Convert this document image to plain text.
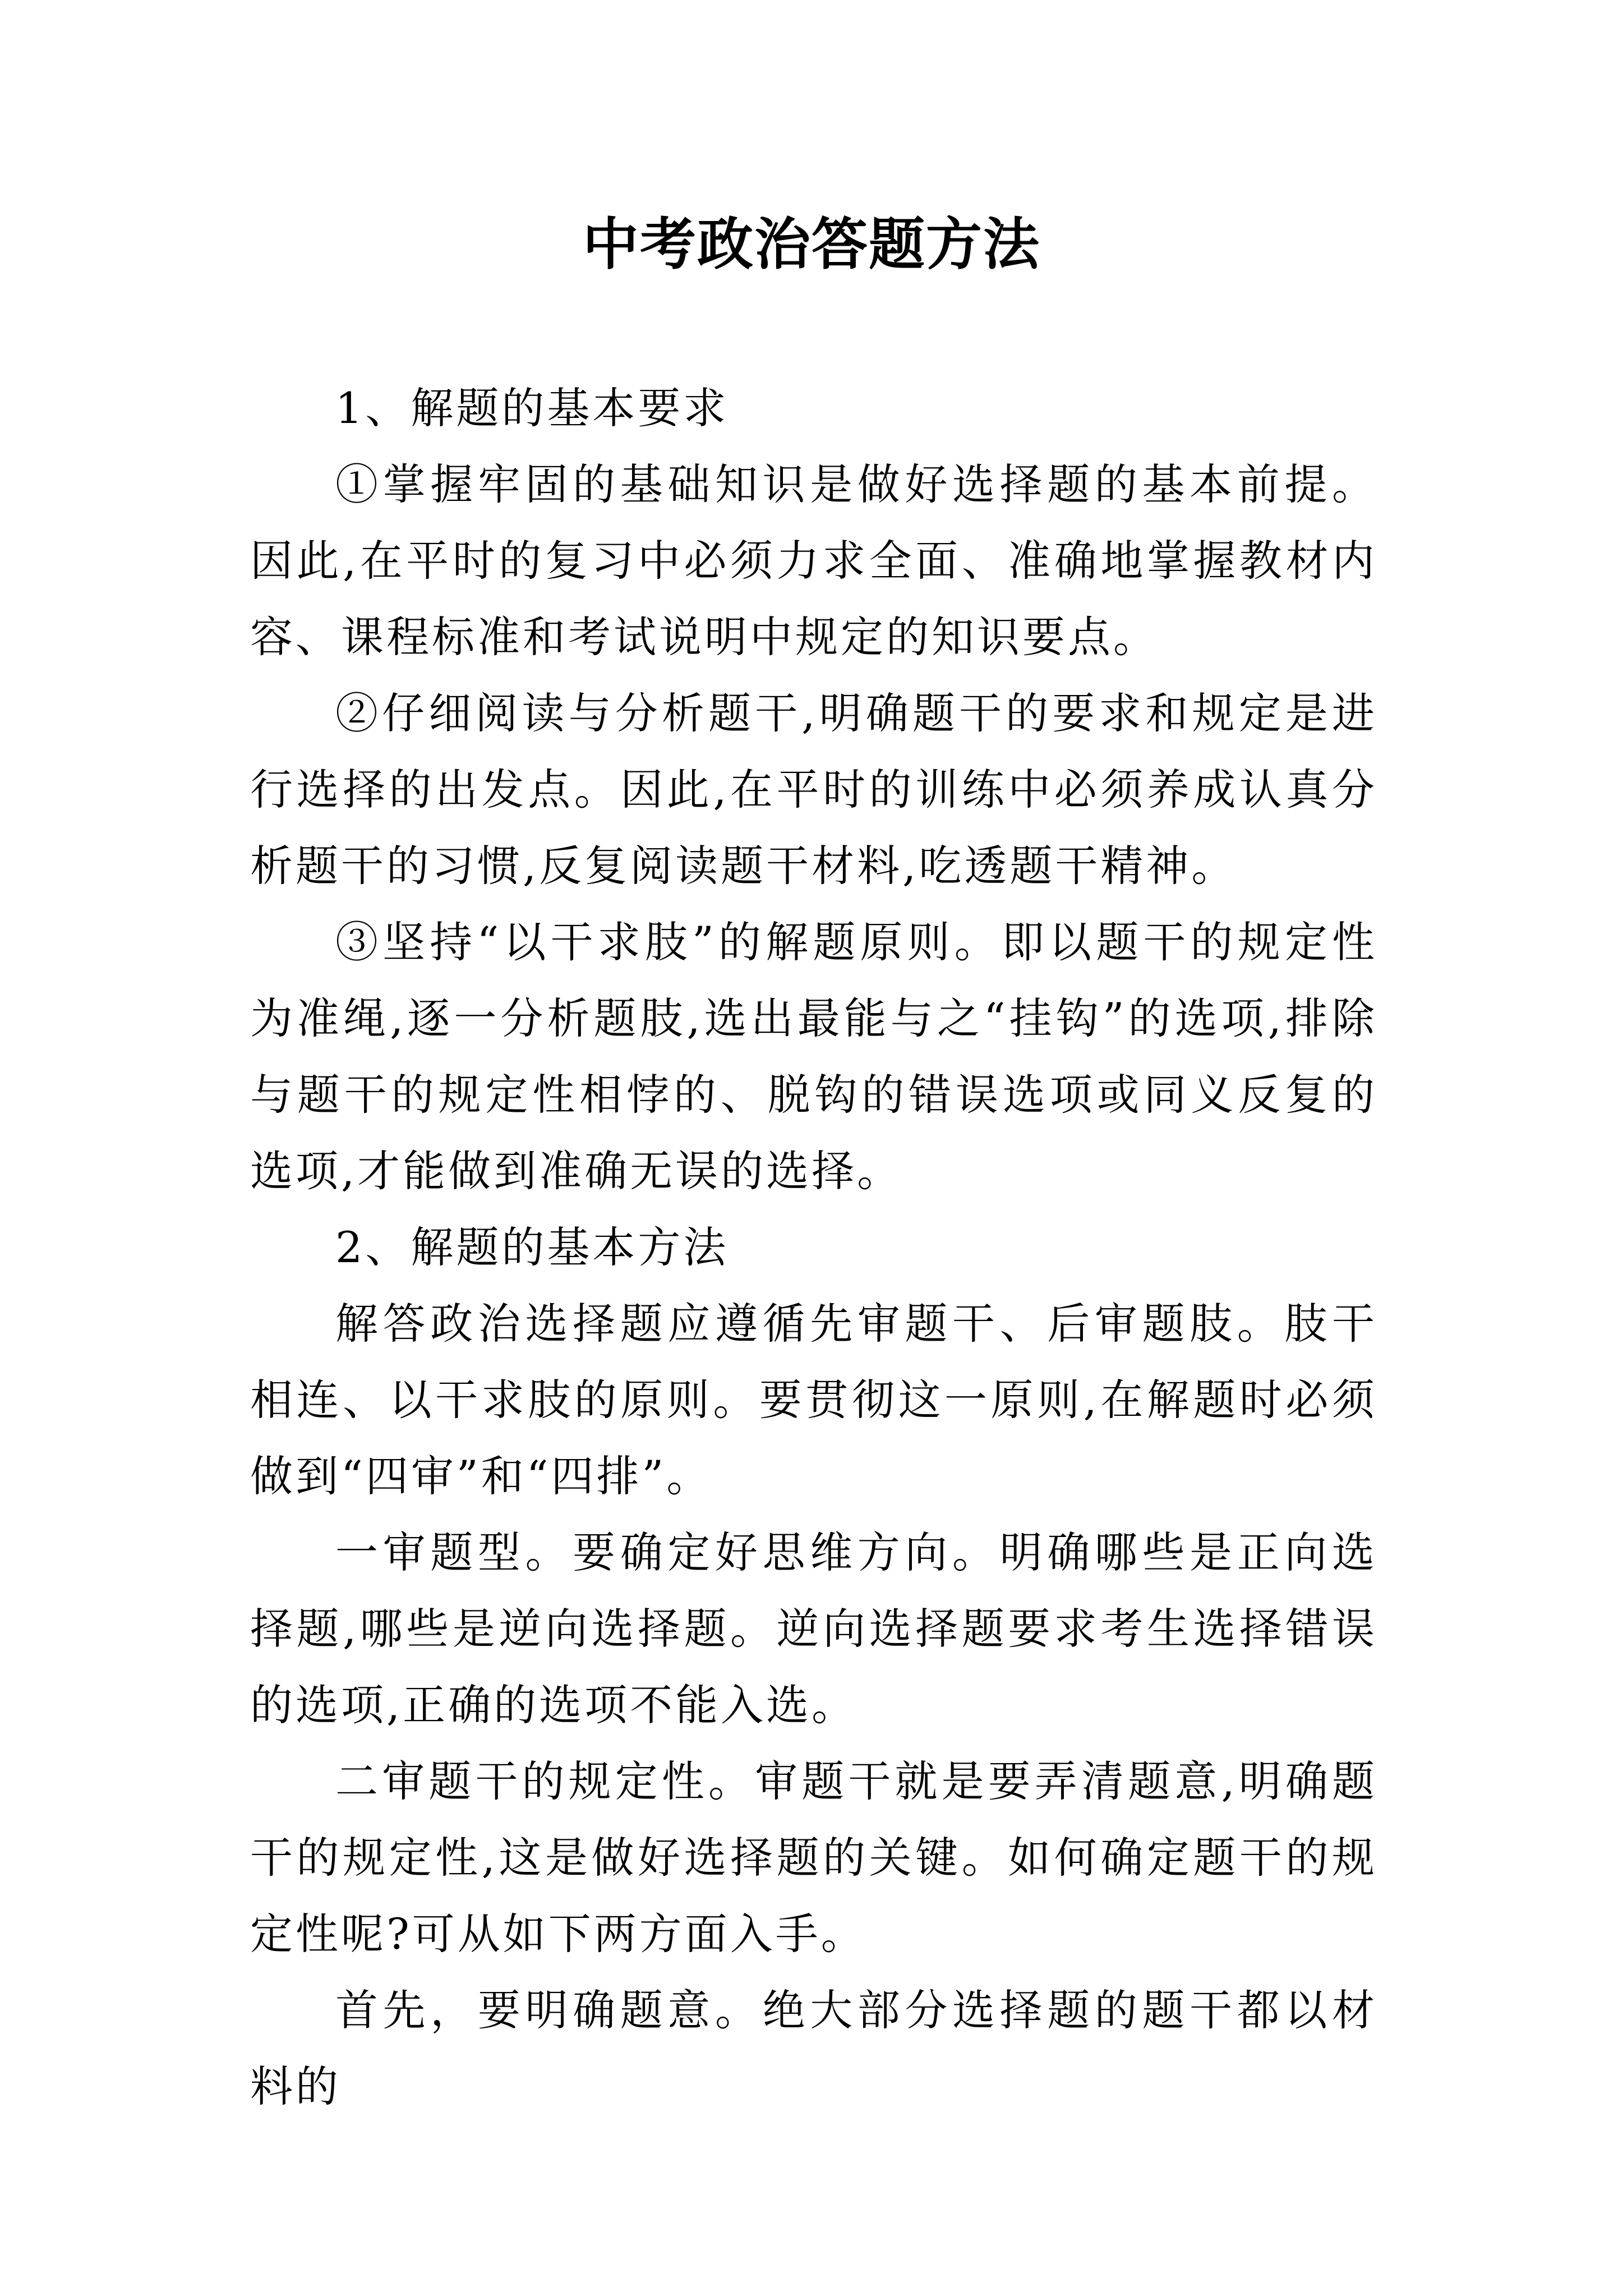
中考政治答题方法

1、解题的基本要求

①掌握牢固的基础知识是做好选择题的基本前提。因此,在平时的复习中必须力求全面、准确地掌握教材内容、课程标准和考试说明中规定的知识要点。

②仔细阅读与分析题干,明确题干的要求和规定是进行选择的出发点。因此,在平时的训练中必须养成认真分析题干的习惯,反复阅读题干材料,吃透题干精神。

③坚持“以干求肢”的解题原则。即以题干的规定性为准绳,逐一分析题肢,选出最能与之“挂钩”的选项,排除与题干的规定性相悖的、脱钩的错误选项或同义反复的选项,才能做到准确无误的选择。

2、解题的基本方法

解答政治选择题应遵循先审题干、后审题肢。肢干相连、以干求肢的原则。要贯彻这一原则,在解题时必须做到“四审”和“四排”。

一审题型。要确定好思维方向。明确哪些是正向选择题,哪些是逆向选择题。逆向选择题要求考生选择错误的选项,正确的选项不能入选。

二审题干的规定性。审题干就是要弄清题意,明确题干的规定性,这是做好选择题的关键。如何确定题干的规定性呢?可从如下两方面入手。

首先，要明确题意。绝大部分选择题的题干都以材料的
